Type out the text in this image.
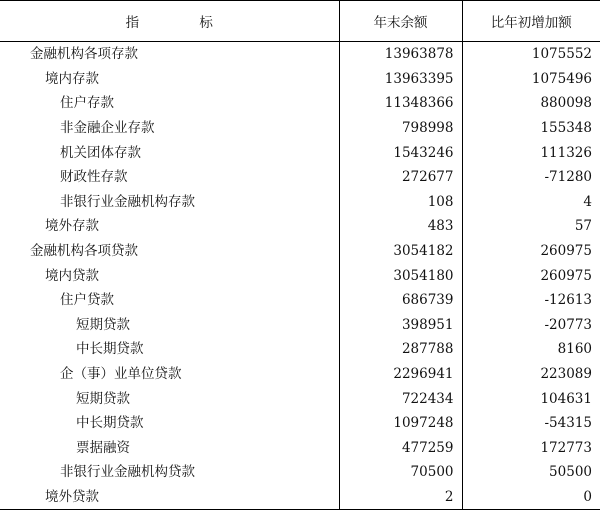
指 标	年末余额	比年初增加额
金融机构各项存款	13963878	1075552
境内存款	13963395	1075496
住户存款	11348366	880098
非金融企业存款	798998	155348
机关团体存款	1543246	111326
财政性存款	272677	-71280
非银行业金融机构存款	108	4
境外存款	483	57
金融机构各项贷款	3054182	260975
境内贷款	3054180	260975
住户贷款	686739	-12613
短期贷款	398951	-20773
中长期贷款	287788	8160
企（事）业单位贷款	2296941	223089
短期贷款	722434	104631
中长期贷款	1097248	-54315
票据融资	477259	172773
非银行业金融机构贷款	70500	50500
境外贷款	2	0
